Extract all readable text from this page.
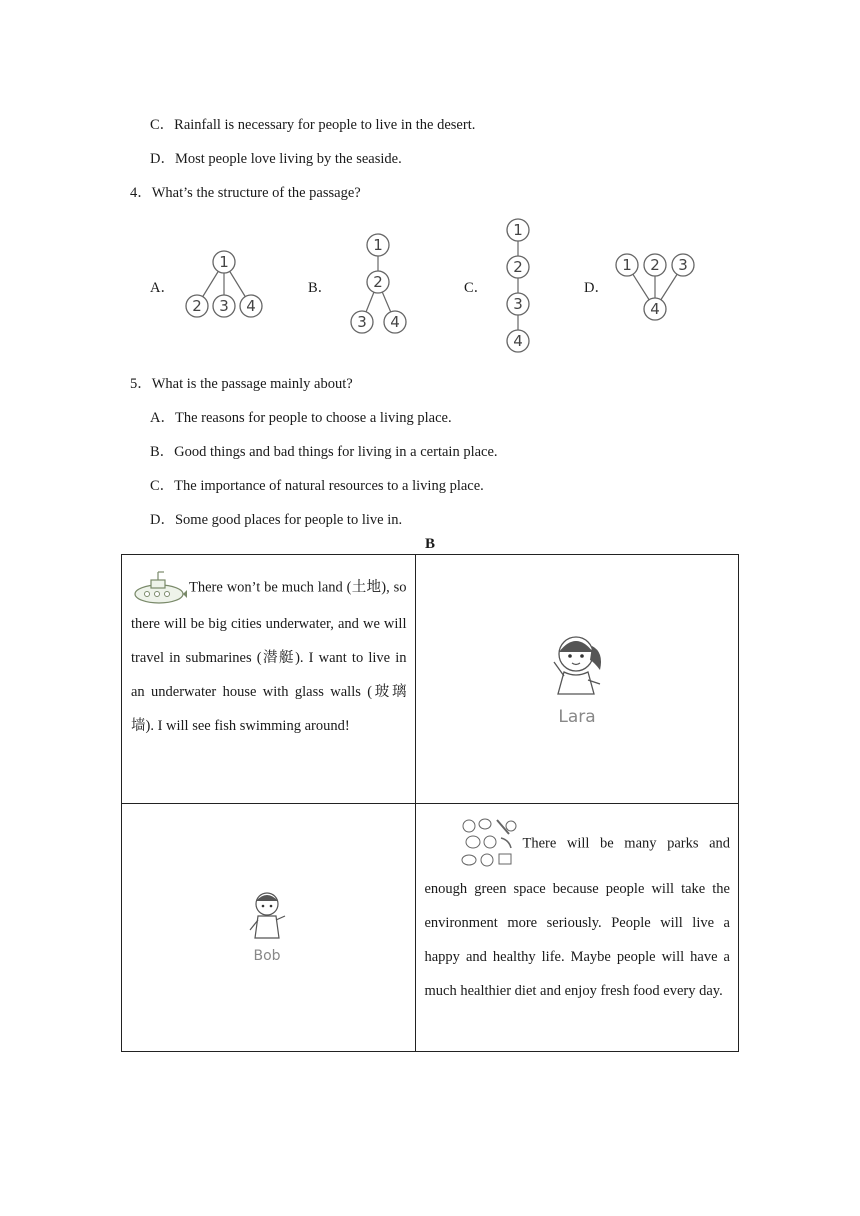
C．Rainfall is necessary for people to live in the desert.
D．Most people love living by the seaside.
4．What’s the structure of the passage?
A．
1
2 3 4
B．
1
2
3 4
C．
1
2
3
4
D．
1 2 3
4
5．What is the passage mainly about?
A．The reasons for people to choose a living place.
B．Good things and bad things for living in a certain place.
C．The importance of natural resources to a living place.
D．Some good places for people to live in.
B
There won’t be much land (土地), so there will be big cities underwater, and we will travel in submarines (潜艇). I want to live in an underwater house with glass walls (玻璃墙). I will see fish swimming around!	Lara

Bob	There will be many parks and enough green space because people will take the environment more seriously. People will live a happy and healthy life. Maybe people will have a much healthier diet and enjoy fresh food every day.
